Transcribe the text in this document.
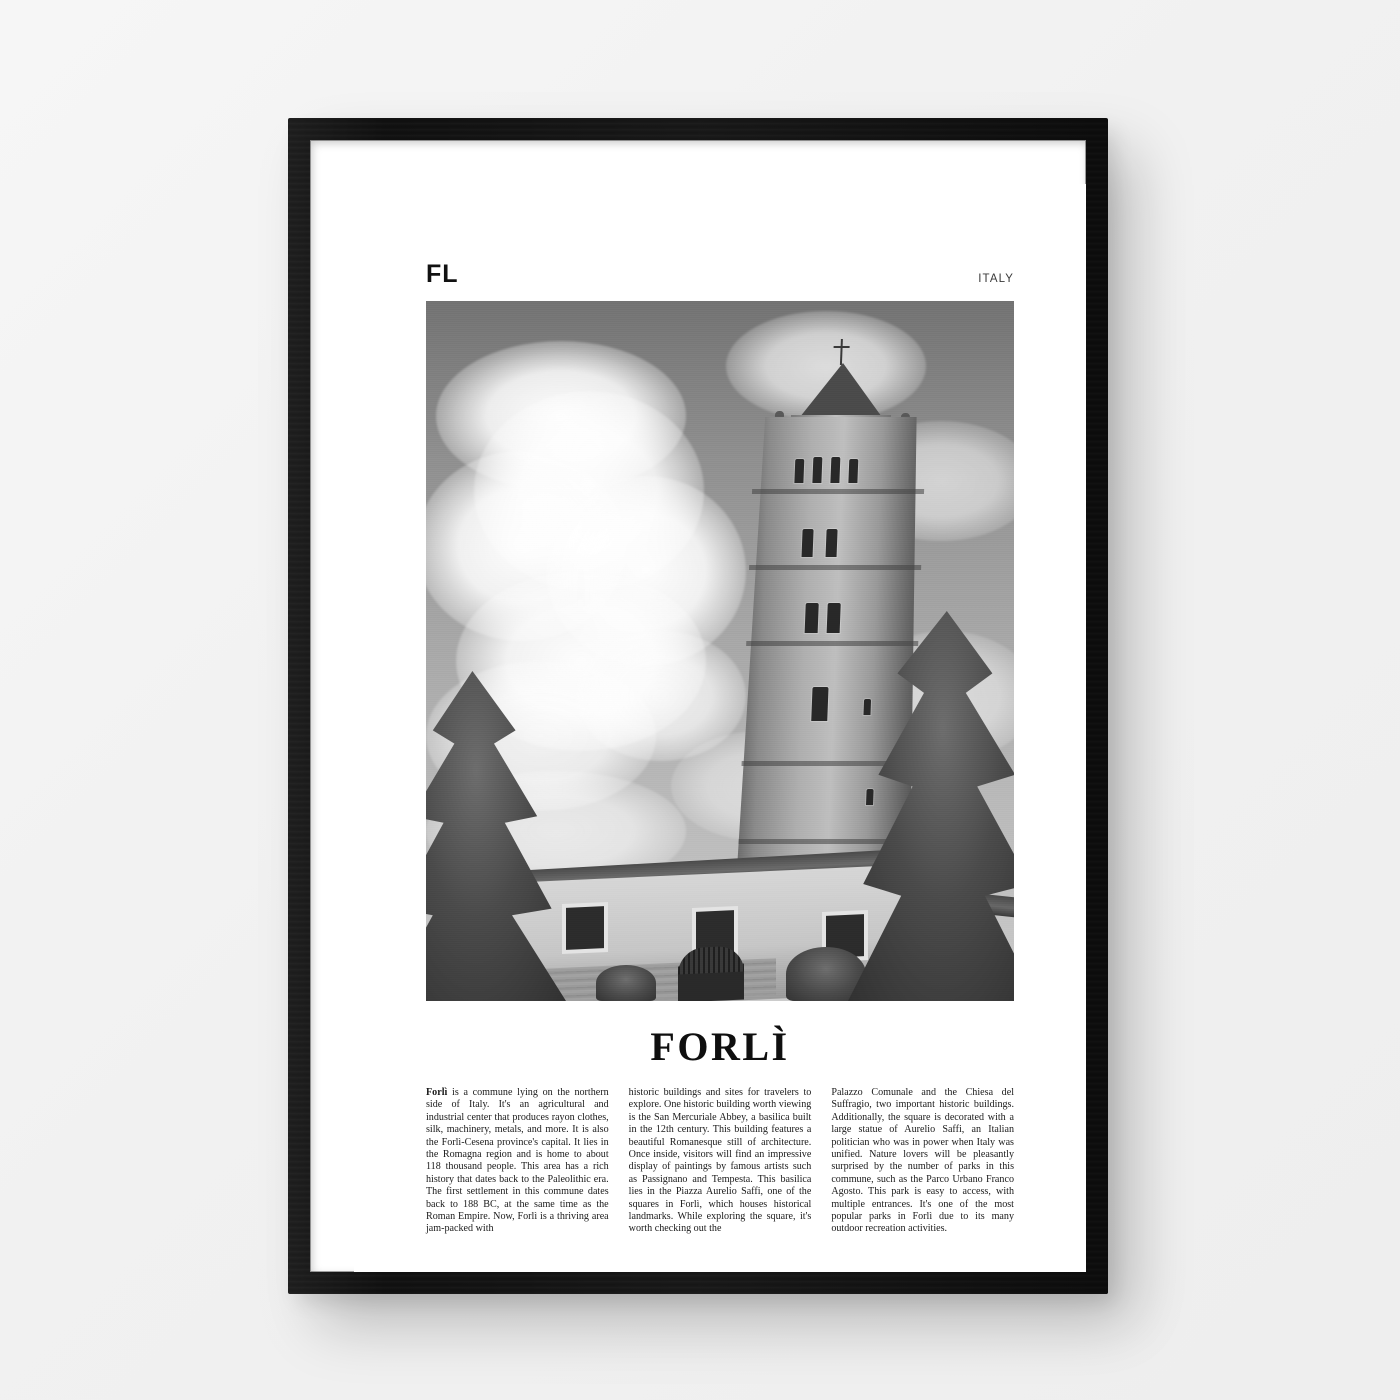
FL	ITALY
FORLÌ

Forlì is a commune lying on the northern side of Italy. It's an agricultural and industrial center that produces rayon clothes, silk, machinery, metals, and more. It is also the Forlì-Cesena province's capital. It lies in the Romagna region and is home to about 118 thousand people. This area has a rich history that dates back to the Paleolithic era. The first settlement in this commune dates back to 188 BC, at the same time as the Roman Empire. Now, Forlì is a thriving area jam-packed with

historic buildings and sites for travelers to explore. One historic building worth viewing is the San Mercuriale Abbey, a basilica built in the 12th century. This building features a beautiful Romanesque still of architecture. Once inside, visitors will find an impressive display of paintings by famous artists such as Passignano and Tempesta. This basilica lies in the Piazza Aurelio Saffi, one of the squares in Forlì, which houses historical landmarks. While exploring the square, it's worth checking out the

Palazzo Comunale and the Chiesa del Suffragio, two important historic buildings. Additionally, the square is decorated with a large statue of Aurelio Saffi, an Italian politician who was in power when Italy was unified. Nature lovers will be pleasantly surprised by the number of parks in this commune, such as the Parco Urbano Franco Agosto. This park is easy to access, with multiple entrances. It's one of the most popular parks in Forlì due to its many outdoor recreation activities.
